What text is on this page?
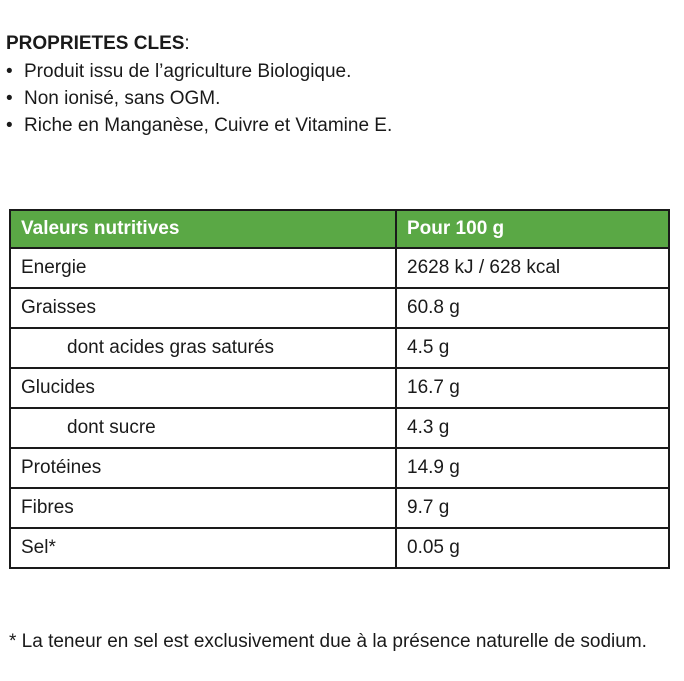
PROPRIETES CLES:

• Produit issu de l’agriculture Biologique.
• Non ionisé, sans OGM.
• Riche en Manganèse, Cuivre et Vitamine E.
Valeurs nutritives	Pour 100 g
Energie	2628 kJ / 628 kcal
Graisses	60.8 g
dont acides gras saturés	4.5 g
Glucides	16.7 g
dont sucre	4.3 g
Protéines	14.9 g
Fibres	9.7 g
Sel*	0.05 g

* La teneur en sel est exclusivement due à la présence naturelle de sodium.
